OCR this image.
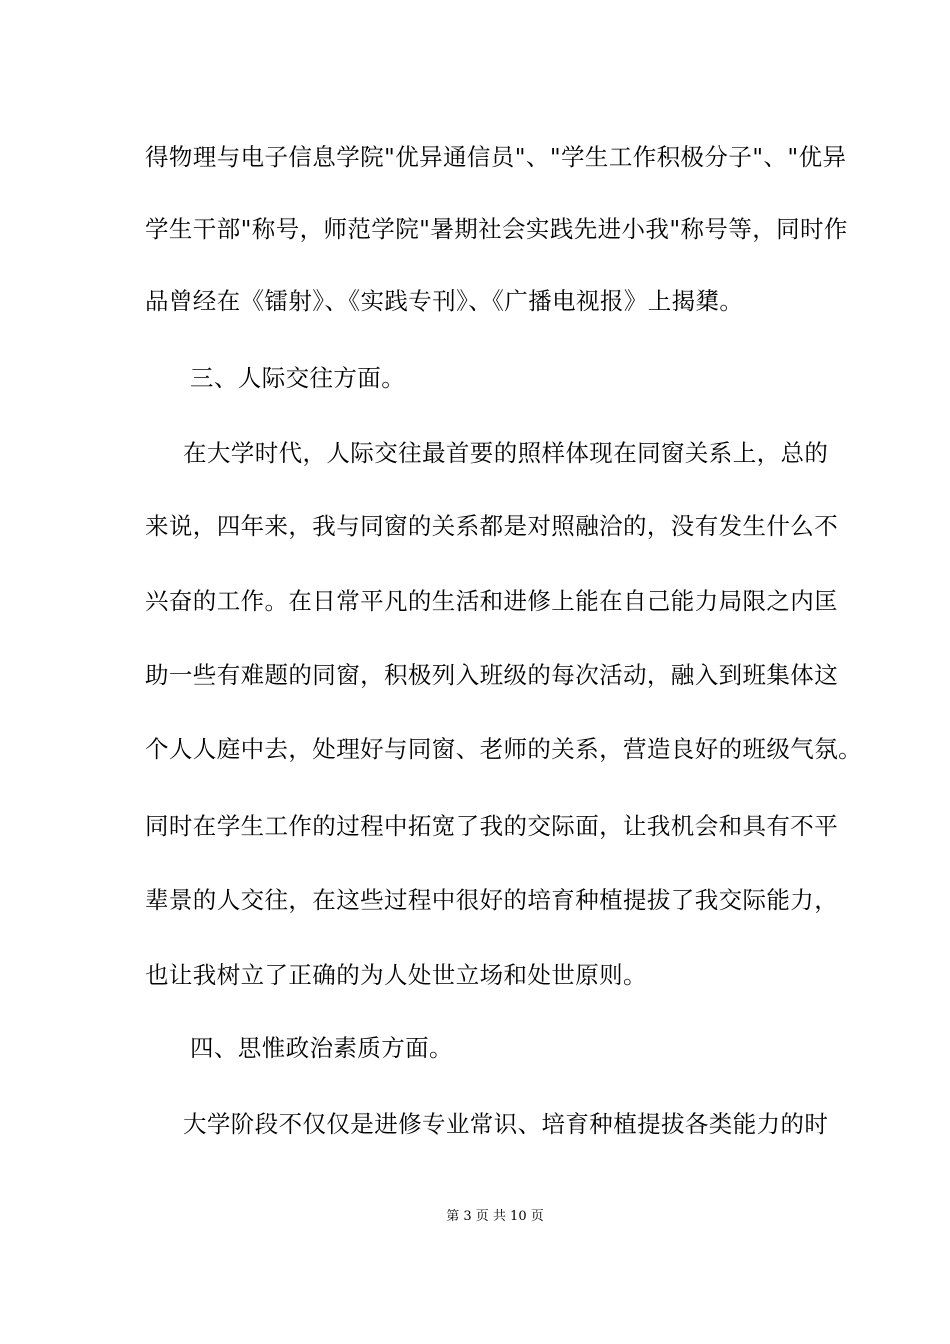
得物理与电子信息学院"优异通信员"、"学生工作积极分子"、"优异
学生干部"称号，师范学院"暑期社会实践先进小我"称号等，同时作
品曾经在《镭射》、《实践专刊》、《广播电视报》上揭橥。
三、人际交往方面。
在大学时代，人际交往最首要的照样体现在同窗关系上，总的
来说，四年来，我与同窗的关系都是对照融洽的，没有发生什么不
兴奋的工作。在日常平凡的生活和进修上能在自己能力局限之内匡
助一些有难题的同窗，积极列入班级的每次活动，融入到班集体这
个人人庭中去，处理好与同窗、老师的关系，营造良好的班级气氛。
同时在学生工作的过程中拓宽了我的交际面，让我机会和具有不平
辈景的人交往，在这些过程中很好的培育种植提拔了我交际能力，
也让我树立了正确的为人处世立场和处世原则。
四、思惟政治素质方面。
大学阶段不仅仅是进修专业常识、培育种植提拔各类能力的时
第 3 页 共 10 页
